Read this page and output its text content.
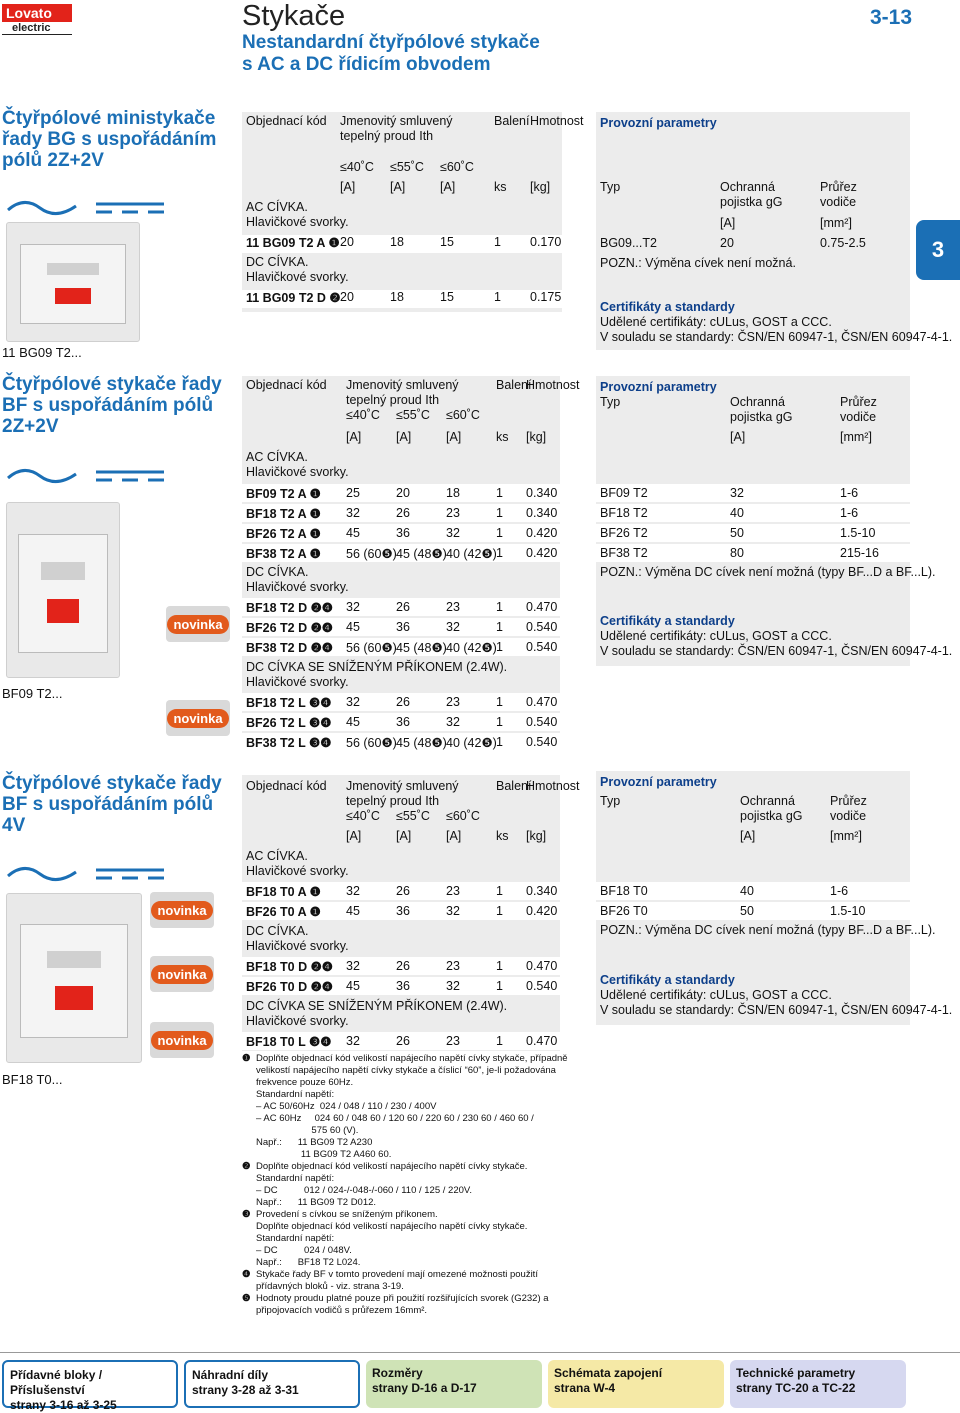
Lovato
electric	Stykače
Nestandardní čtyřpólové stykače
s AC a DC řídicím obvodem
3-13
3
Čtyřpólové ministykače řady BG s uspořádáním pólů 2Z+2V
11 BG09 T2...
Objednací kód Jmenovitý smluvený tepelný proud Ith
Balení Hmotnost
≤40˚C ≤55˚C ≤60˚C
[A]	[A]	[A]	ks [kg]
AC CÍVKA.
Hlavičkové svorky.
11 BG09 T2 A ❶ 20	18	15	1 0.170
DC CÍVKA.
Hlavičkové svorky.
11 BG09 T2 D ❷ 20	18	15	1 0.175
Provozní parametry
Typ	Ochranná pojistka gG
Průřez vodiče
[A]	[mm²]
BG09...T2	20	0.75-2.5
POZN.: Výměna cívek není možná.
Certifikáty a standardy
Udělené certifikáty: cULus, GOST a CCC.
V souladu se standardy: ČSN/EN 60947-1, ČSN/EN 60947-4-1.
Čtyřpólové stykače řady BF s uspořádáním pólů 2Z+2V
novinka
novinka
BF09 T2...
Objednací kód Jmenovitý smluvený tepelný proud Ith
Balení
Hmotnost
≤40˚C ≤55˚C ≤60˚C
[A]	[A]	[A]	ks [kg]
AC CÍVKA.
Hlavičkové svorky.
BF09 T2 A ❶ 25	20	18	1 0.340
BF18 T2 A ❶ 32	26	23	1 0.340
BF26 T2 A ❶ 45	36	32	1 0.420
BF38 T2 A ❶ 56 (60❺) 45 (48❺) 40 (42❺) 1 0.420
DC CÍVKA.
Hlavičkové svorky.
BF18 T2 D ❷❹ 32	26	23	1 0.470
BF26 T2 D ❷❹ 45	36	32	1 0.540
BF38 T2 D ❷❹ 56 (60❺) 45 (48❺) 40 (42❺) 1 0.540
DC CÍVKA SE SNÍŽENÝM PŘÍKONEM (2.4W).
Hlavičkové svorky.
BF18 T2 L ❸❹ 32	26	23	1 0.470
BF26 T2 L ❸❹ 45	36	32	1 0.540
BF38 T2 L ❸❹ 56 (60❺) 45 (48❺) 40 (42❺) 1 0.540
Provozní parametry
Typ	Ochranná pojistka gG
Průřez vodiče
[A]	[mm²]
BF09 T2	32	1-6
BF18 T2	40	1-6
BF26 T2	50	1.5-10
BF38 T2	80	215-16
POZN.: Výměna DC cívek není možná (typy BF...D a BF...L).
Certifikáty a standardy
Udělené certifikáty: cULus, GOST a CCC.
V souladu se standardy: ČSN/EN 60947-1, ČSN/EN 60947-4-1.
Čtyřpólové stykače řady BF s uspořádáním pólů 4V
novinka
novinka
novinka
BF18 T0...
Objednací kód Jmenovitý smluvený tepelný proud Ith
Balení
Hmotnost
≤40˚C ≤55˚C ≤60˚C
[A]	[A]	[A]	ks [kg]
AC CÍVKA.
Hlavičkové svorky.
BF18 T0 A ❶ 32	26	23	1 0.340
BF26 T0 A ❶ 45	36	32	1 0.420
DC CÍVKA.
Hlavičkové svorky.
BF18 T0 D ❷❹ 32	26	23	1 0.470
BF26 T0 D ❷❹ 45	36	32	1 0.540
DC CÍVKA SE SNÍŽENÝM PŘÍKONEM (2.4W).
Hlavičkové svorky.
BF18 T0 L ❸❹ 32	26	23	1 0.470
Provozní parametry
Typ	Ochranná pojistka gG
Průřez vodiče
[A]	[mm²]
BF18 T0	40	1-6
BF26 T0	50	1.5-10
POZN.: Výměna DC cívek není možná (typy BF...D a BF...L).
Certifikáty a standardy
Udělené certifikáty: cULus, GOST a CCC.
V souladu se standardy: ČSN/EN 60947-1, ČSN/EN 60947-4-1.
❶ Doplňte objednací kód velikostí napájecího napětí cívky stykače, případně
velikostí napájecího napětí cívky stykače a číslicí “60”, je-li požadována
frekvence pouze 60Hz.
Standardní napětí:
– AC 50/60Hz  024 / 048 / 110 / 230 / 400V
– AC 60Hz     024 60 / 048 60 / 120 60 / 220 60 / 230 60 / 460 60 /
575 60 (V).
Např.:      11 BG09 T2 A230
11 BG09 T2 A460 60.
❷ Doplňte objednací kód velikostí napájecího napětí cívky stykače.
Standardní napětí:
– DC          012 / 024-/-048-/-060 / 110 / 125 / 220V.
Např.:      11 BG09 T2 D012.
❸ Provedení s cívkou se sníženým příkonem.
Doplňte objednací kód velikostí napájecího napětí cívky stykače.
Standardní napětí:
– DC          024 / 048V.
Např.:      BF18 T2 L024.
❹ Stykače řady BF v tomto provedení mají omezené možnosti použití
přídavných bloků - viz. strana 3-19.
❺ Hodnoty proudu platné pouze při použití rozšiřujících svorek (G232) a
připojovacích vodičů s průřezem 16mm².
Přídavné bloky / Příslušenství
strany 3-16 až 3-25
Náhradní díly
strany 3-28 až 3-31
Rozměry
strany D-16 a D-17
Schémata zapojení
strana W-4
Technické parametry
strany TC-20 a TC-22
